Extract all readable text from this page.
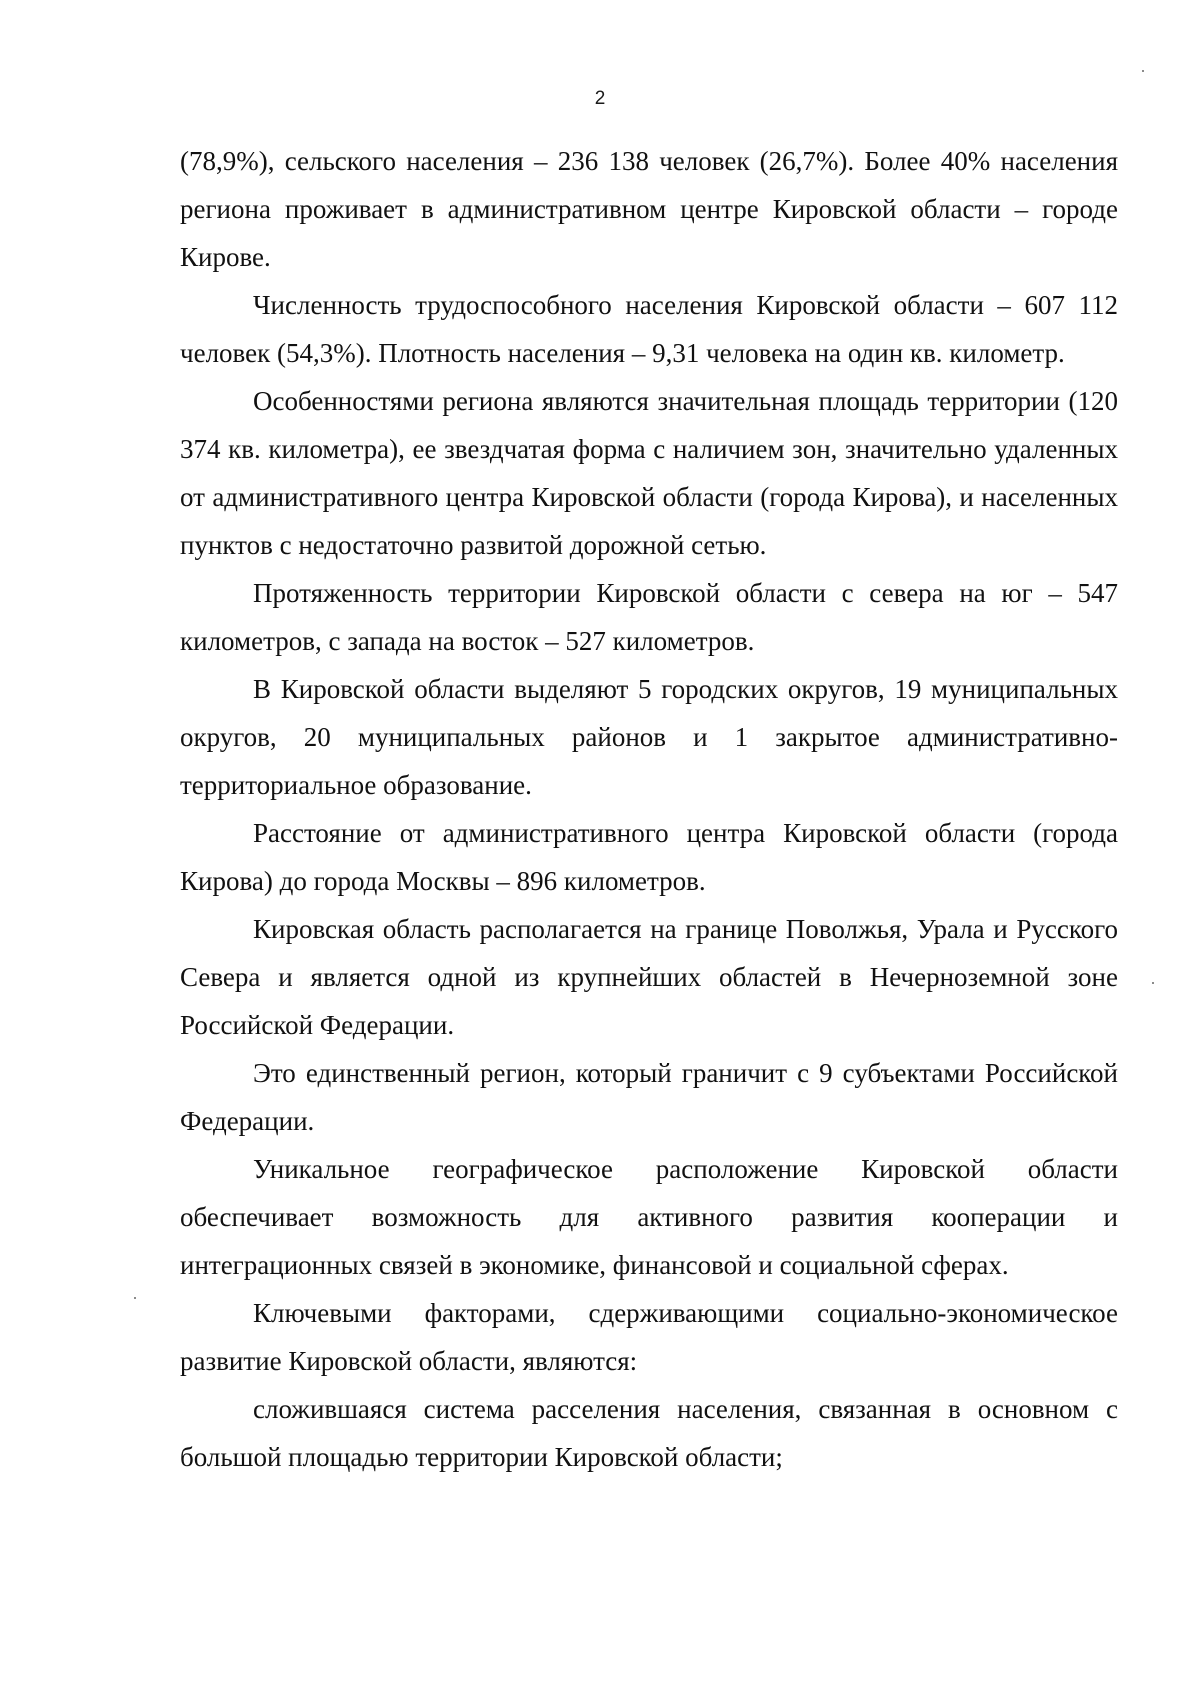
2

(78,9%), сельского населения – 236 138 человек (26,7%). Более 40% населения региона проживает в административном центре Кировской области – городе Кирове.

Численность трудоспособного населения Кировской области – 607 112 человек (54,3%). Плотность населения – 9,31 человека на один кв. километр.

Особенностями региона являются значительная площадь территории (120 374 кв. километра), ее звездчатая форма с наличием зон, значительно удаленных от административного центра Кировской области (города Кирова), и населенных пунктов с недостаточно развитой дорожной сетью.

Протяженность территории Кировской области с севера на юг – 547 километров, с запада на восток – 527 километров.

В Кировской области выделяют 5 городских округов, 19 муниципальных округов, 20 муниципальных районов и 1 закрытое административно-территориальное образование.

Расстояние от административного центра Кировской области (города Кирова) до города Москвы – 896 километров.

Кировская область располагается на границе Поволжья, Урала и Русского Севера и является одной из крупнейших областей в Нечерноземной зоне Российской Федерации.

Это единственный регион, который граничит с 9 субъектами Российской Федерации.

Уникальное географическое расположение Кировской области обеспечивает возможность для активного развития кооперации и интеграционных связей в экономике, финансовой и социальной сферах.

Ключевыми факторами, сдерживающими социально-экономическое развитие Кировской области, являются:

сложившаяся система расселения населения, связанная в основном с большой площадью территории Кировской области;
